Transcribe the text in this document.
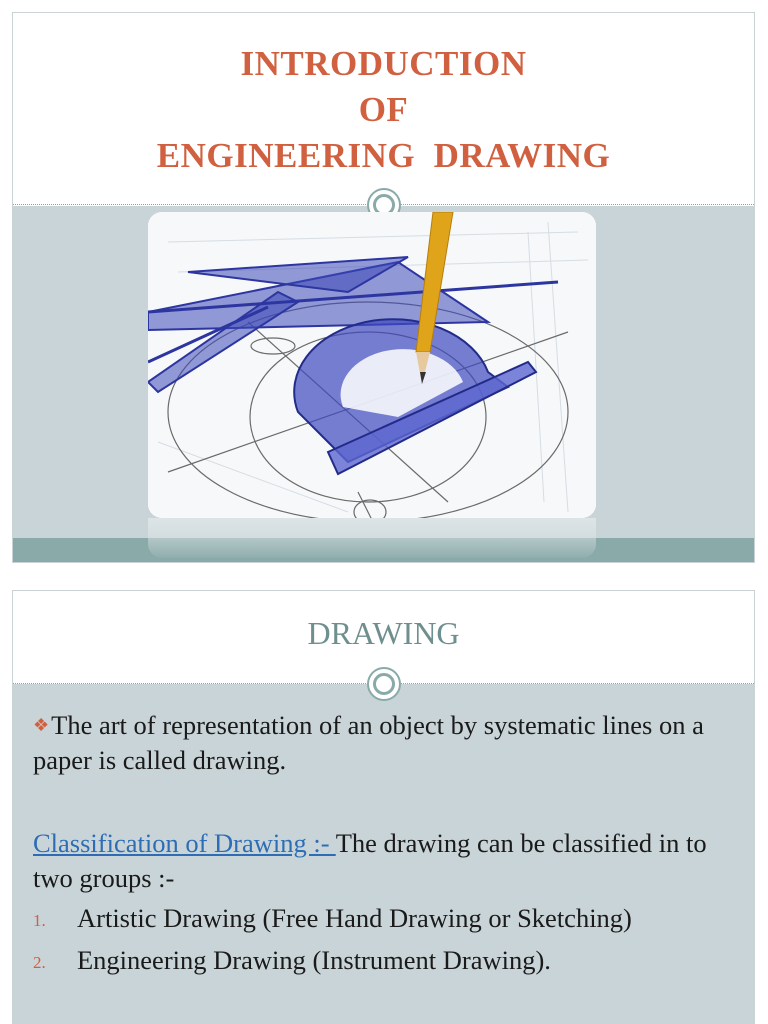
INTRODUCTION
OF
ENGINEERING  DRAWING
DRAWING
❖The art of representation of an object by systematic lines on a paper is called drawing.
Classification of Drawing :- The drawing can be classified in to two groups :-
1. Artistic Drawing (Free Hand Drawing or Sketching)
2. Engineering Drawing (Instrument Drawing).
